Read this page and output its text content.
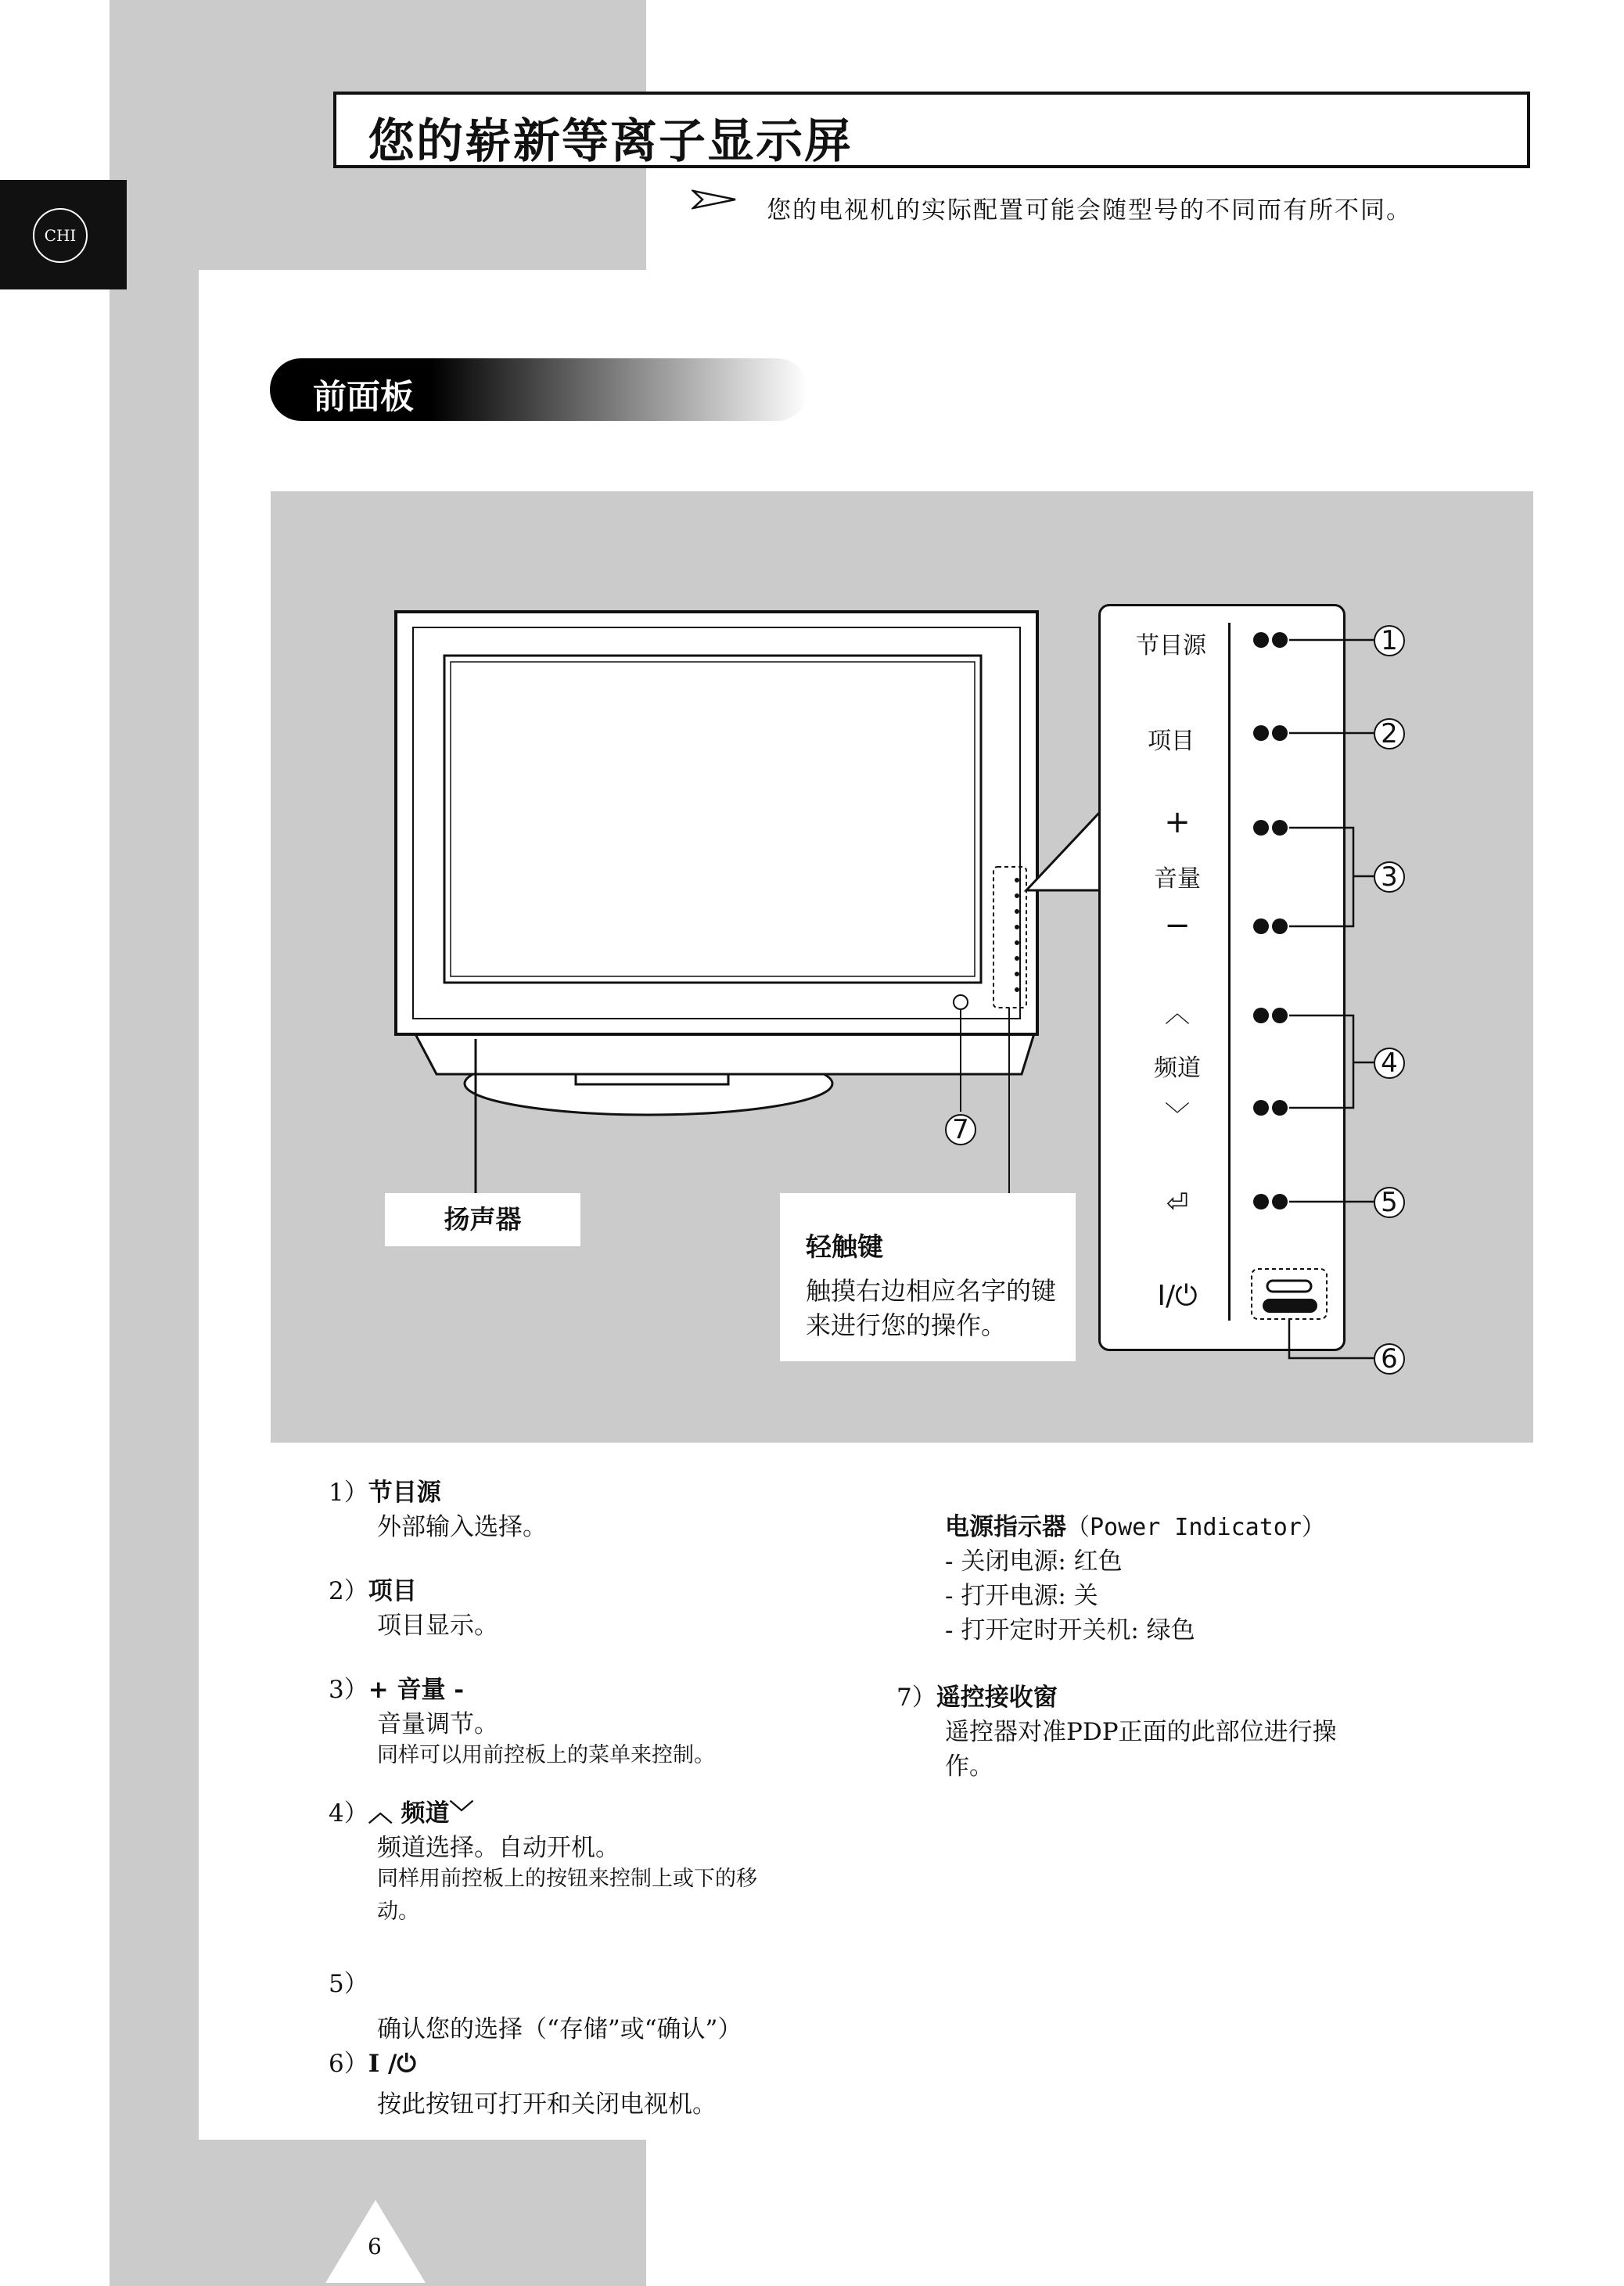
CHI
您的崭新等离子显示屏
您的电视机的实际配置可能会随型号的不同而有所不同。
前面板
7
扬声器
轻触键
触摸右边相应名字的键来进行您的操作。
节目源
项目
+
音量
−
︿
频道
﹀
⏎
I/⏻
1
2
3
4
5
6
1）节目源
外部输入选择。
2）项目
项目显示。
3）+ 音量 -
音量调节。
同样可以用前控板上的菜单来控制。
4）︿ 频道﹀
频道选择。自动开机。
同样用前控板上的按钮来控制上或下的移
动。
5）
确认您的选择（“存储”或“确认”）
6）I /⏻
按此按钮可打开和关闭电视机。
电源指示器（Power Indicator）
- 关闭电源: 红色
- 打开电源: 关
- 打开定时开关机: 绿色
7）遥控接收窗
遥控器对准PDP正面的此部位进行操
作。
6
